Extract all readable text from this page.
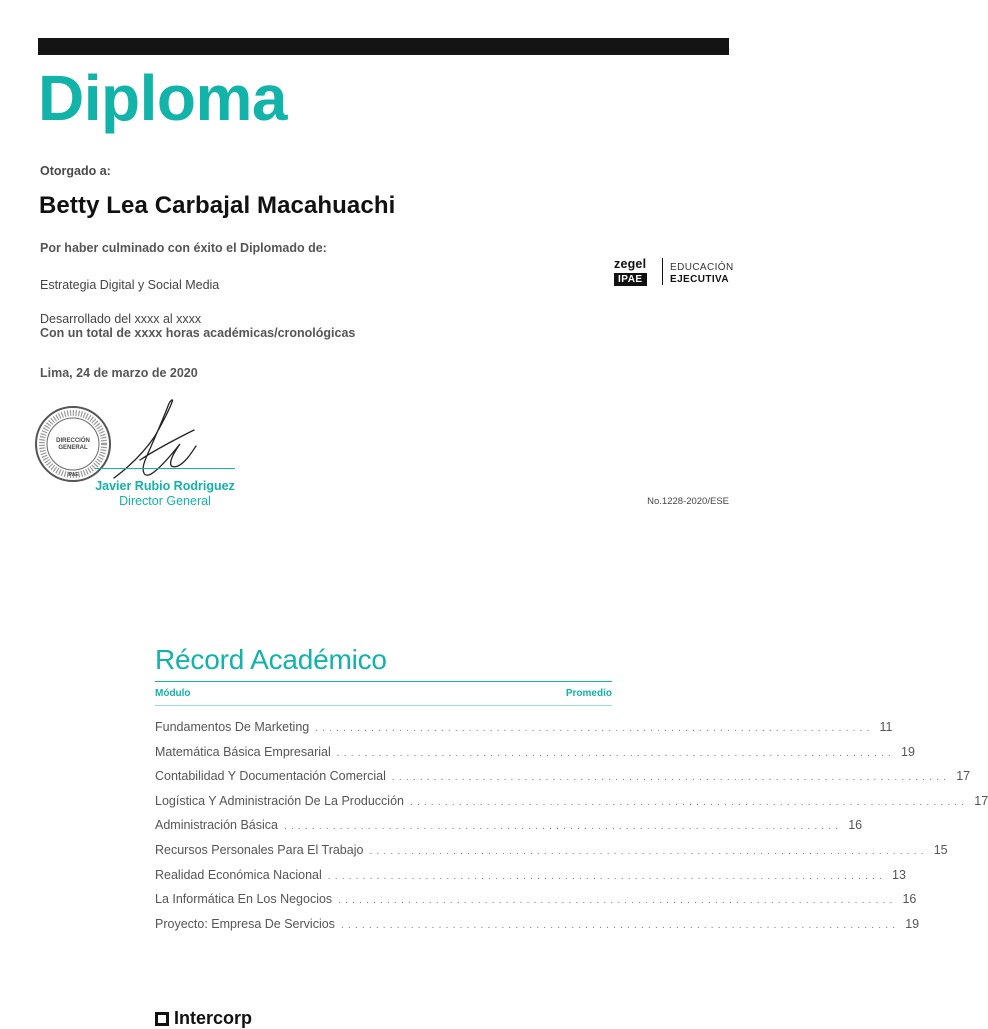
Diploma
Otorgado a:
Betty Lea Carbajal Macahuachi
Por haber culminado con éxito el Diplomado de:
Estrategia Digital y Social Media
Desarrollado del xxxx al xxxx
Con un total de xxxx horas académicas/cronológicas
Lima, 24 de marzo de 2020
zegel
IPAE
EDUCACIÓN
EJECUTIVA
DIRECCIÓN
GENERAL
IPAE
Javier Rubio Rodriguez
Director General	No.1228-2020/ESE
Récord Académico
Módulo	Promedio
Fundamentos De Marketing ................................................................................ 11
Matemática Básica Empresarial ................................................................................ 19
Contabilidad Y Documentación Comercial ................................................................................ 17
Logística Y Administración De La Producción ................................................................................ 17
Administración Básica ................................................................................ 16
Recursos Personales Para El Trabajo ................................................................................ 15
Realidad Económica Nacional ................................................................................ 13
La Informática En Los Negocios ................................................................................ 16
Proyecto: Empresa De Servicios ................................................................................ 19
Intercorp
